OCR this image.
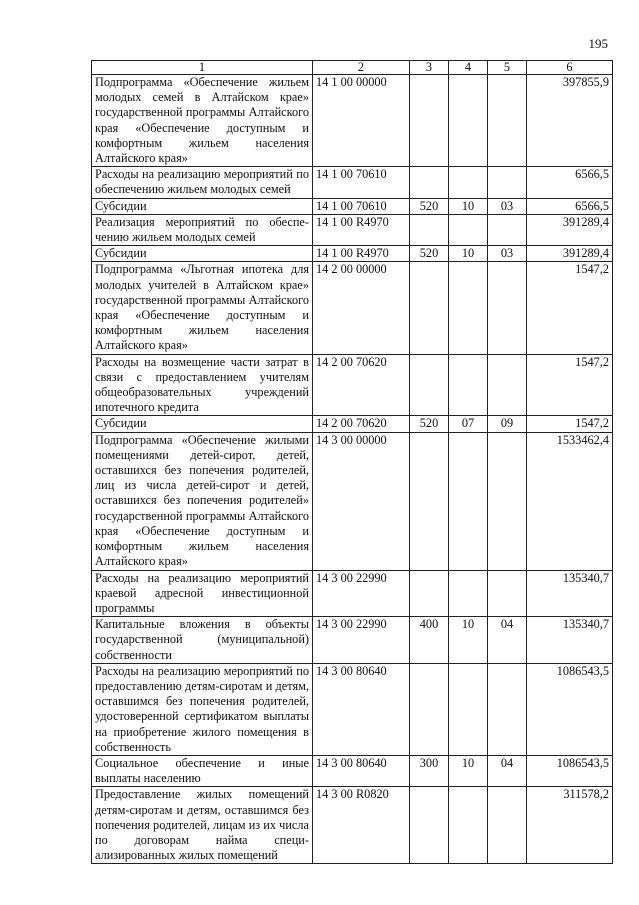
195
1	2	3	4	5	6
Подпрограмма «Обеспечение жильем молодых семей в Алтайском крае» государственной программы Алтайского края «Обеспечение доступным и комфортным жильем населения Алтайского края»	14 1 00 00000				397855,9
Расходы на реализацию мероприятий по обеспечению жильем молодых семей	14 1 00 70610				6566,5
Субсидии	14 1 00 70610	520	10	03	6566,5
Реализация мероприятий по обеспечению жильем молодых семей	14 1 00 R4970				391289,4
Субсидии	14 1 00 R4970	520	10	03	391289,4
Подпрограмма «Льготная ипотека для молодых учителей в Алтайском крае» государственной программы Алтайского края «Обеспечение доступным и комфортным жильем населения Алтайского края»	14 2 00 00000				1547,2
Расходы на возмещение части затрат в связи с предоставлением учителям общеобразовательных учреждений ипотечного кредита	14 2 00 70620				1547,2
Субсидии	14 2 00 70620	520	07	09	1547,2
Подпрограмма «Обеспечение жилыми помещениями детей-сирот, детей, оставшихся без попечения родителей, лиц из числа детей-сирот и детей, оставшихся без попечения родителей» государственной программы Алтайского края «Обеспечение доступным и комфортным жильем населения Алтайского края»	14 3 00 00000				1533462,4
Расходы на реализацию мероприятий краевой адресной инвестиционной программы	14 3 00 22990				135340,7
Капитальные вложения в объекты государственной (муниципальной) собственности	14 3 00 22990	400	10	04	135340,7
Расходы на реализацию мероприятий по предоставлению детям-сиротам и детям, оставшимся без попечения родителей, удостоверенной сертификатом выплаты на приобретение жилого помещения в собственность	14 3 00 80640				1086543,5
Социальное обеспечение и иные выплаты населению	14 3 00 80640	300	10	04	1086543,5
Предоставление жилых помещений детям-сиротам и детям, оставшимся без попечения родителей, лицам из их числа по договорам найма специализированных жилых помещений	14 3 00 R0820				311578,2
